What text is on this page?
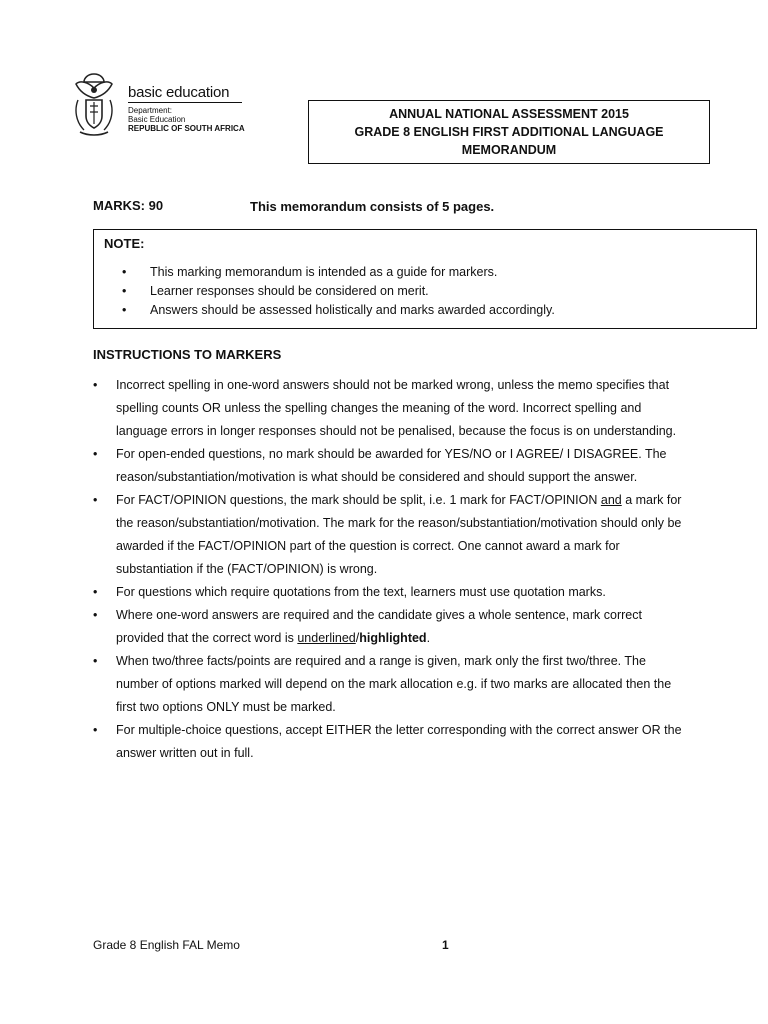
basic education
Department:
Basic Education
REPUBLIC OF SOUTH AFRICA
ANNUAL NATIONAL ASSESSMENT 2015
GRADE 8 ENGLISH FIRST ADDITIONAL LANGUAGE
MEMORANDUM
MARKS: 90	This memorandum consists of 5 pages.
NOTE:
• This marking memorandum is intended as a guide for markers.
• Learner responses should be considered on merit.
• Answers should be assessed holistically and marks awarded accordingly.
INSTRUCTIONS TO MARKERS
• Incorrect spelling in one-word answers should not be marked wrong, unless the memo specifies that spelling counts OR unless the spelling changes the meaning of the word. Incorrect spelling and language errors in longer responses should not be penalised, because the focus is on understanding.
• For open-ended questions, no mark should be awarded for YES/NO or I AGREE/ I DISAGREE. The reason/substantiation/motivation is what should be considered and should support the answer.
• For FACT/OPINION questions, the mark should be split, i.e. 1 mark for FACT/OPINION and a mark for the reason/substantiation/motivation. The mark for the reason/substantiation/motivation should only be awarded if the FACT/OPINION part of the question is correct. One cannot award a mark for substantiation if the (FACT/OPINION) is wrong.
• For questions which require quotations from the text, learners must use quotation marks.
• Where one-word answers are required and the candidate gives a whole sentence, mark correct provided that the correct word is underlined/highlighted.
• When two/three facts/points are required and a range is given, mark only the first two/three. The number of options marked will depend on the mark allocation e.g. if two marks are allocated then the first two options ONLY must be marked.
• For multiple-choice questions, accept EITHER the letter corresponding with the correct answer OR the answer written out in full.
Grade 8 English FAL Memo	1
